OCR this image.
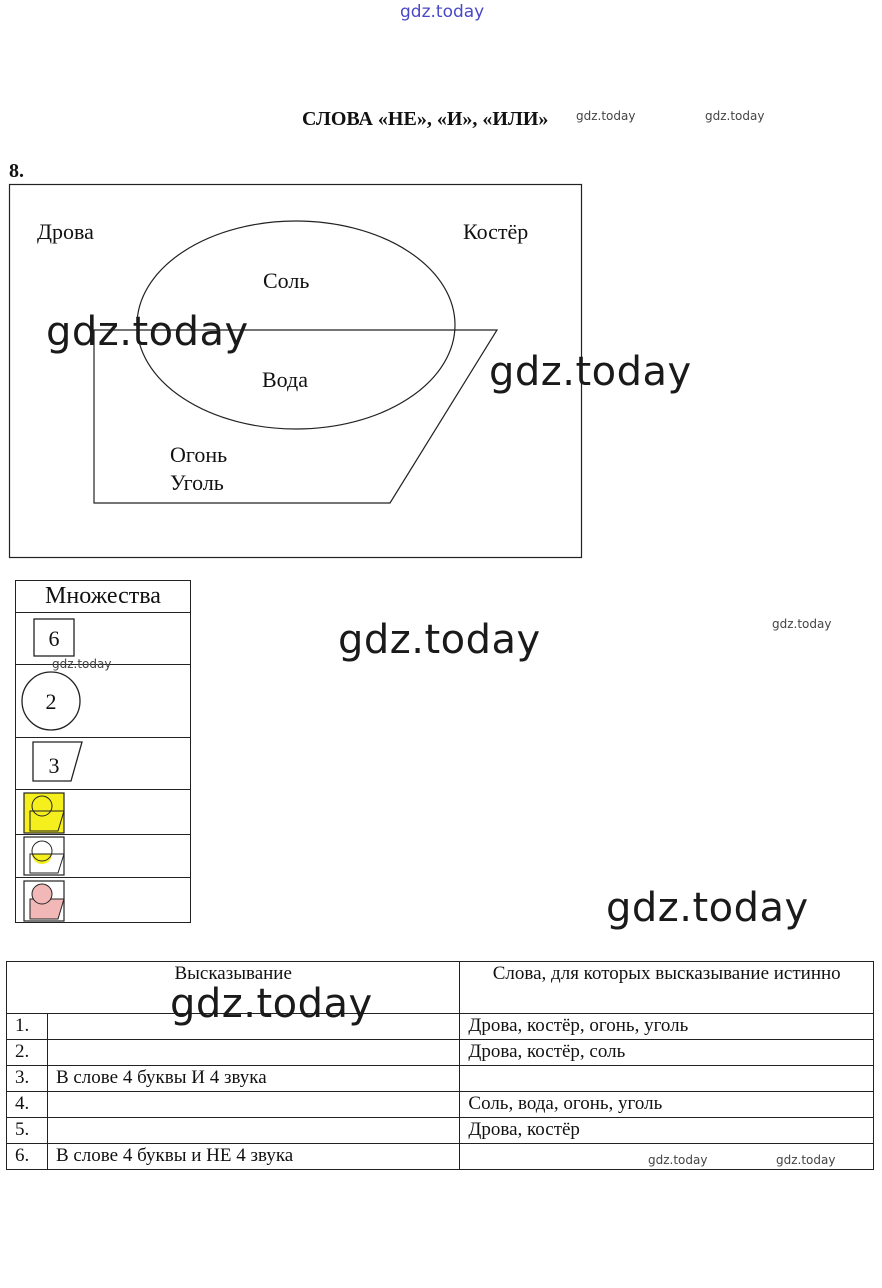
gdz.today
СЛОВА «НЕ», «И», «ИЛИ» gdz.today	gdz.today
8.
Дрова	Костёр
Соль
Вода
Огонь
Уголь
gdz.today
gdz.today
Множества

6

2

3

gdz.today
gdz.today	gdz.today
gdz.today
Высказывание		Слова, для которых высказывание истинно
1.		Дрова, костёр, огонь, уголь
2.		Дрова, костёр, соль
3.	В слове 4 буквы И 4 звука	
4.		Соль, вода, огонь, уголь
5.		Дрова, костёр
6.	В слове 4 буквы и НЕ 4 звука	
gdz.today
gdz.today	gdz.today
